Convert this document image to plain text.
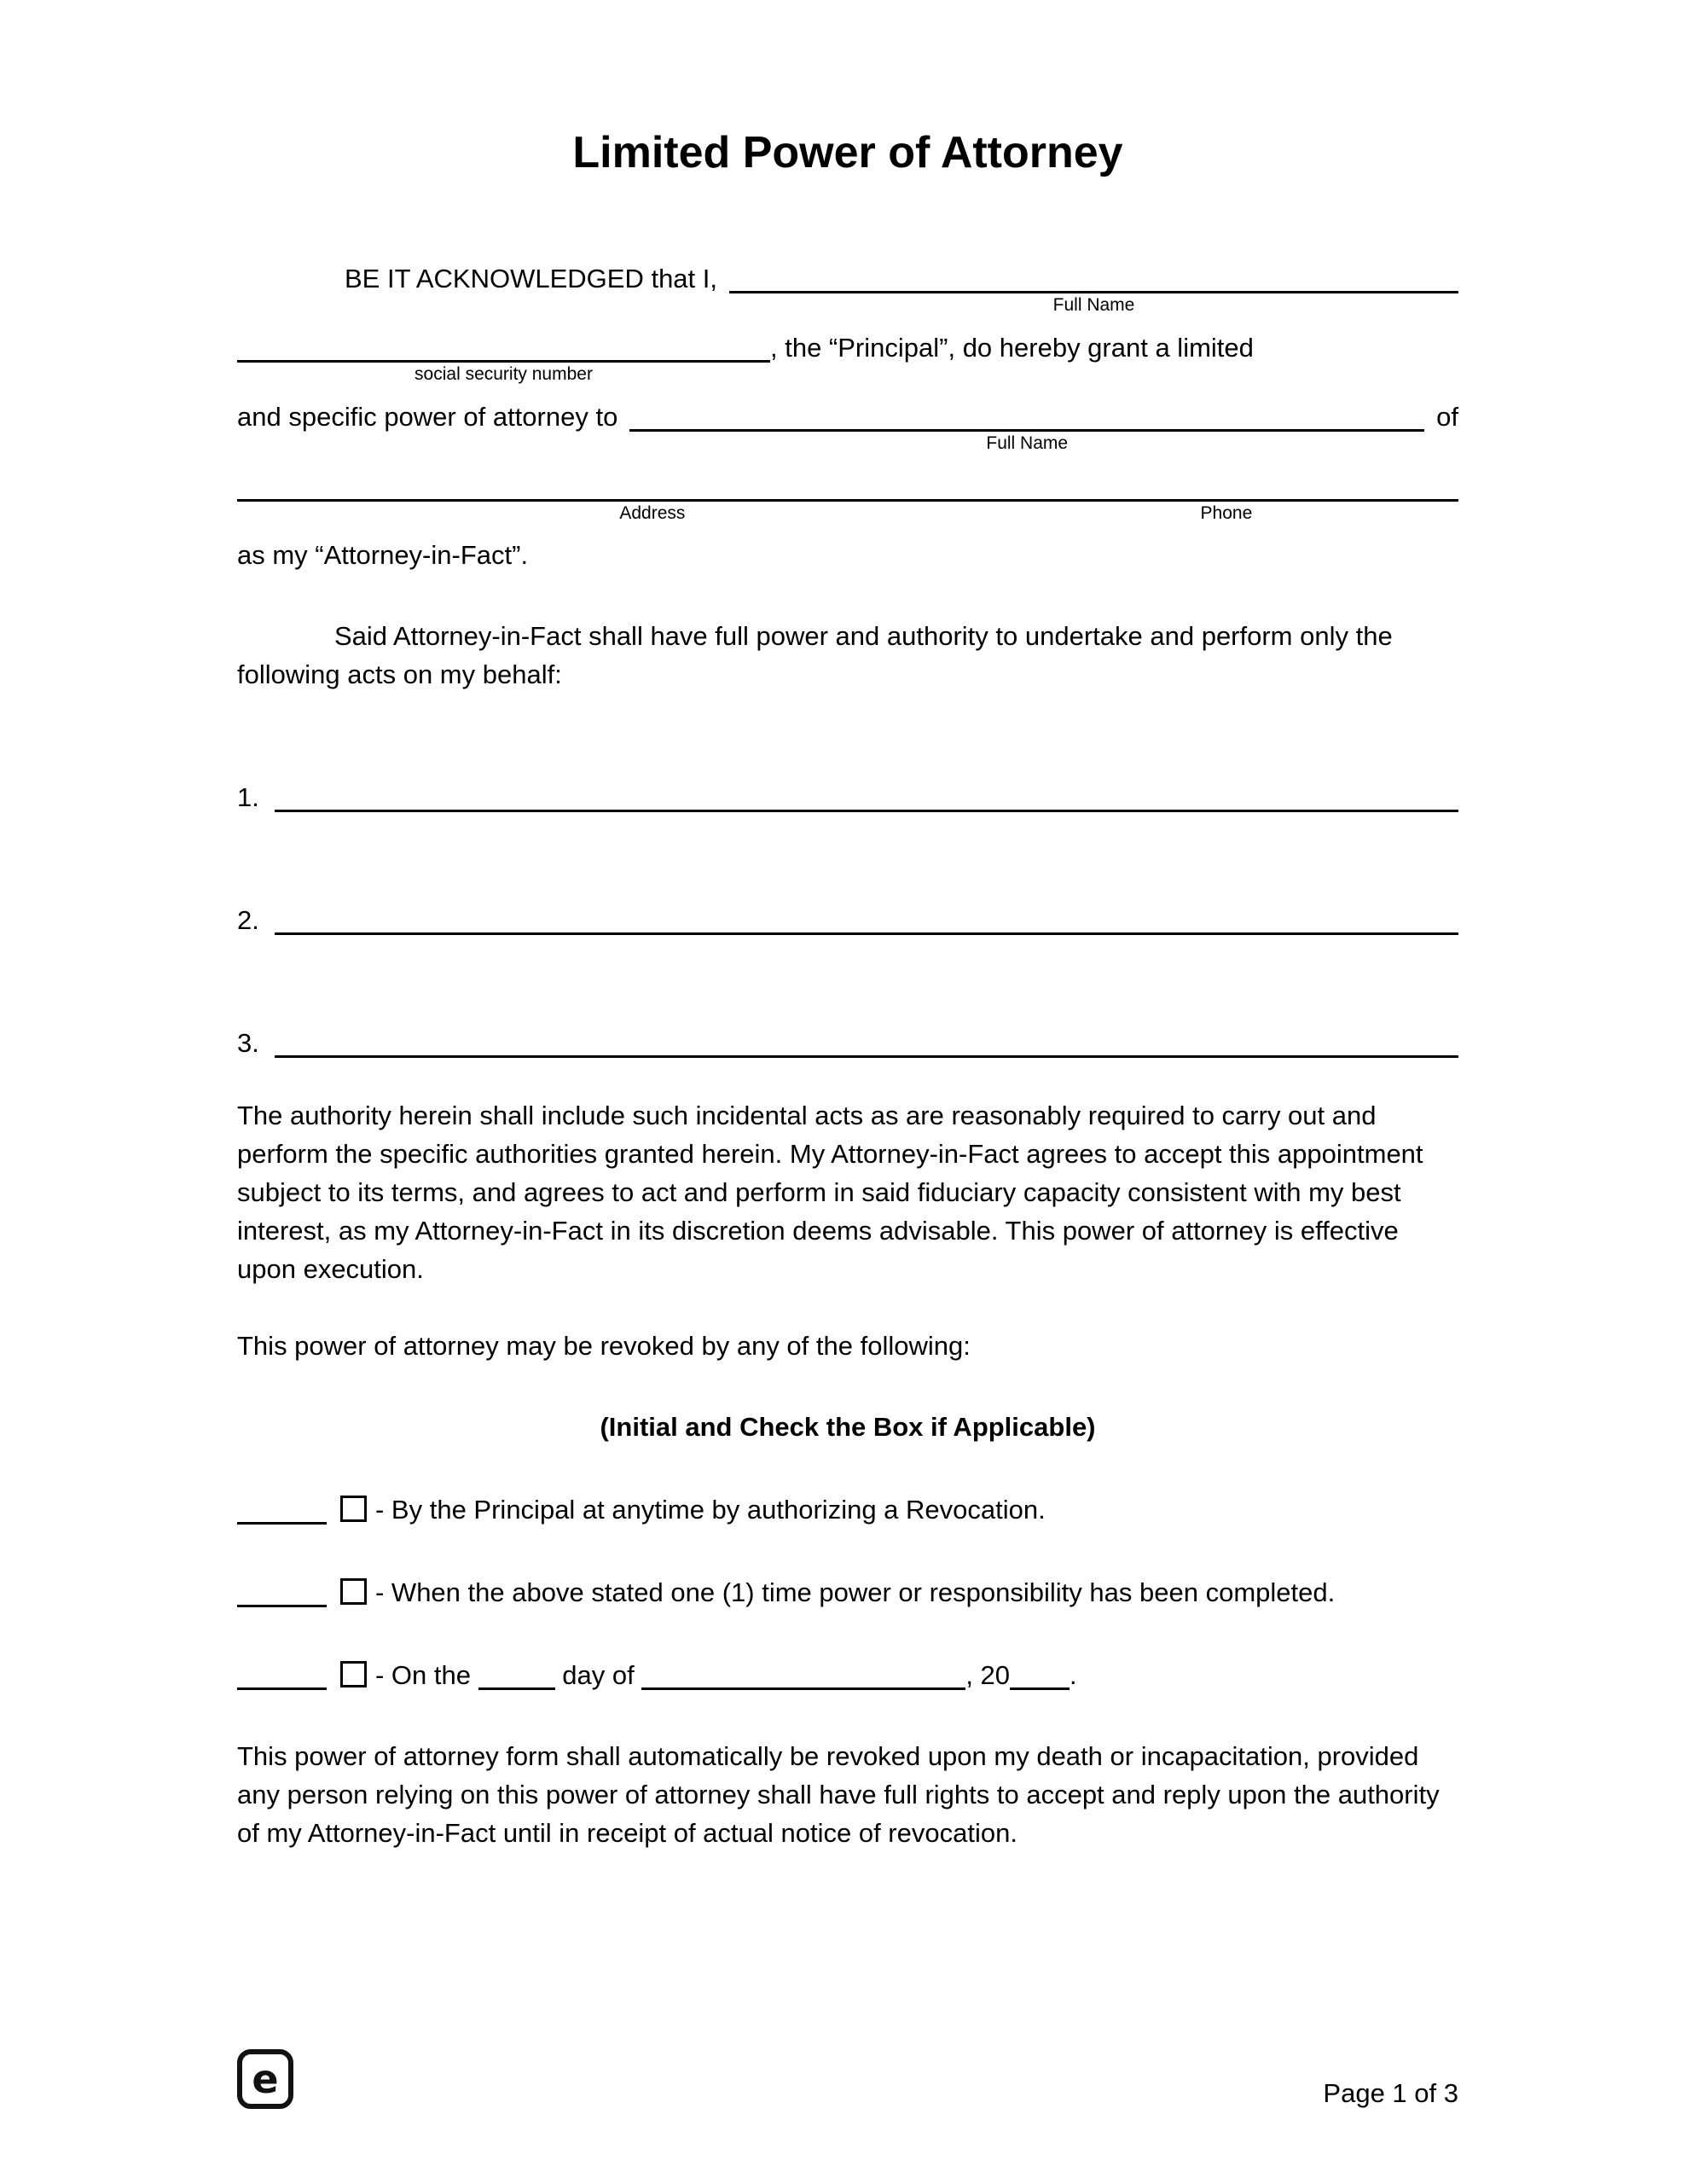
Limited Power of Attorney
BE IT ACKNOWLEDGED that I,
Full Name
social security number
, the “Principal”, do hereby grant a limited
and specific power of attorney to
Full Name
of
Address	Phone

as my “Attorney-in-Fact”.

Said Attorney-in-Fact shall have full power and authority to undertake and perform only the following acts on my behalf:

1.
2.
3.

The authority herein shall include such incidental acts as are reasonably required to carry out and perform the specific authorities granted herein. My Attorney-in-Fact agrees to accept this appointment subject to its terms, and agrees to act and perform in said fiduciary capacity consistent with my best interest, as my Attorney-in-Fact in its discretion deems advisable. This power of attorney is effective upon execution.

This power of attorney may be revoked by any of the following:

(Initial and Check the Box if Applicable)

- By the Principal at anytime by authorizing a Revocation.
- When the above stated one (1) time power or responsibility has been completed.
- On the	day of	, 20 .

This power of attorney form shall automatically be revoked upon my death or incapacitation, provided any person relying on this power of attorney shall have full rights to accept and reply upon the authority of my Attorney-in-Fact until in receipt of actual notice of revocation.

e	Page 1 of 3
